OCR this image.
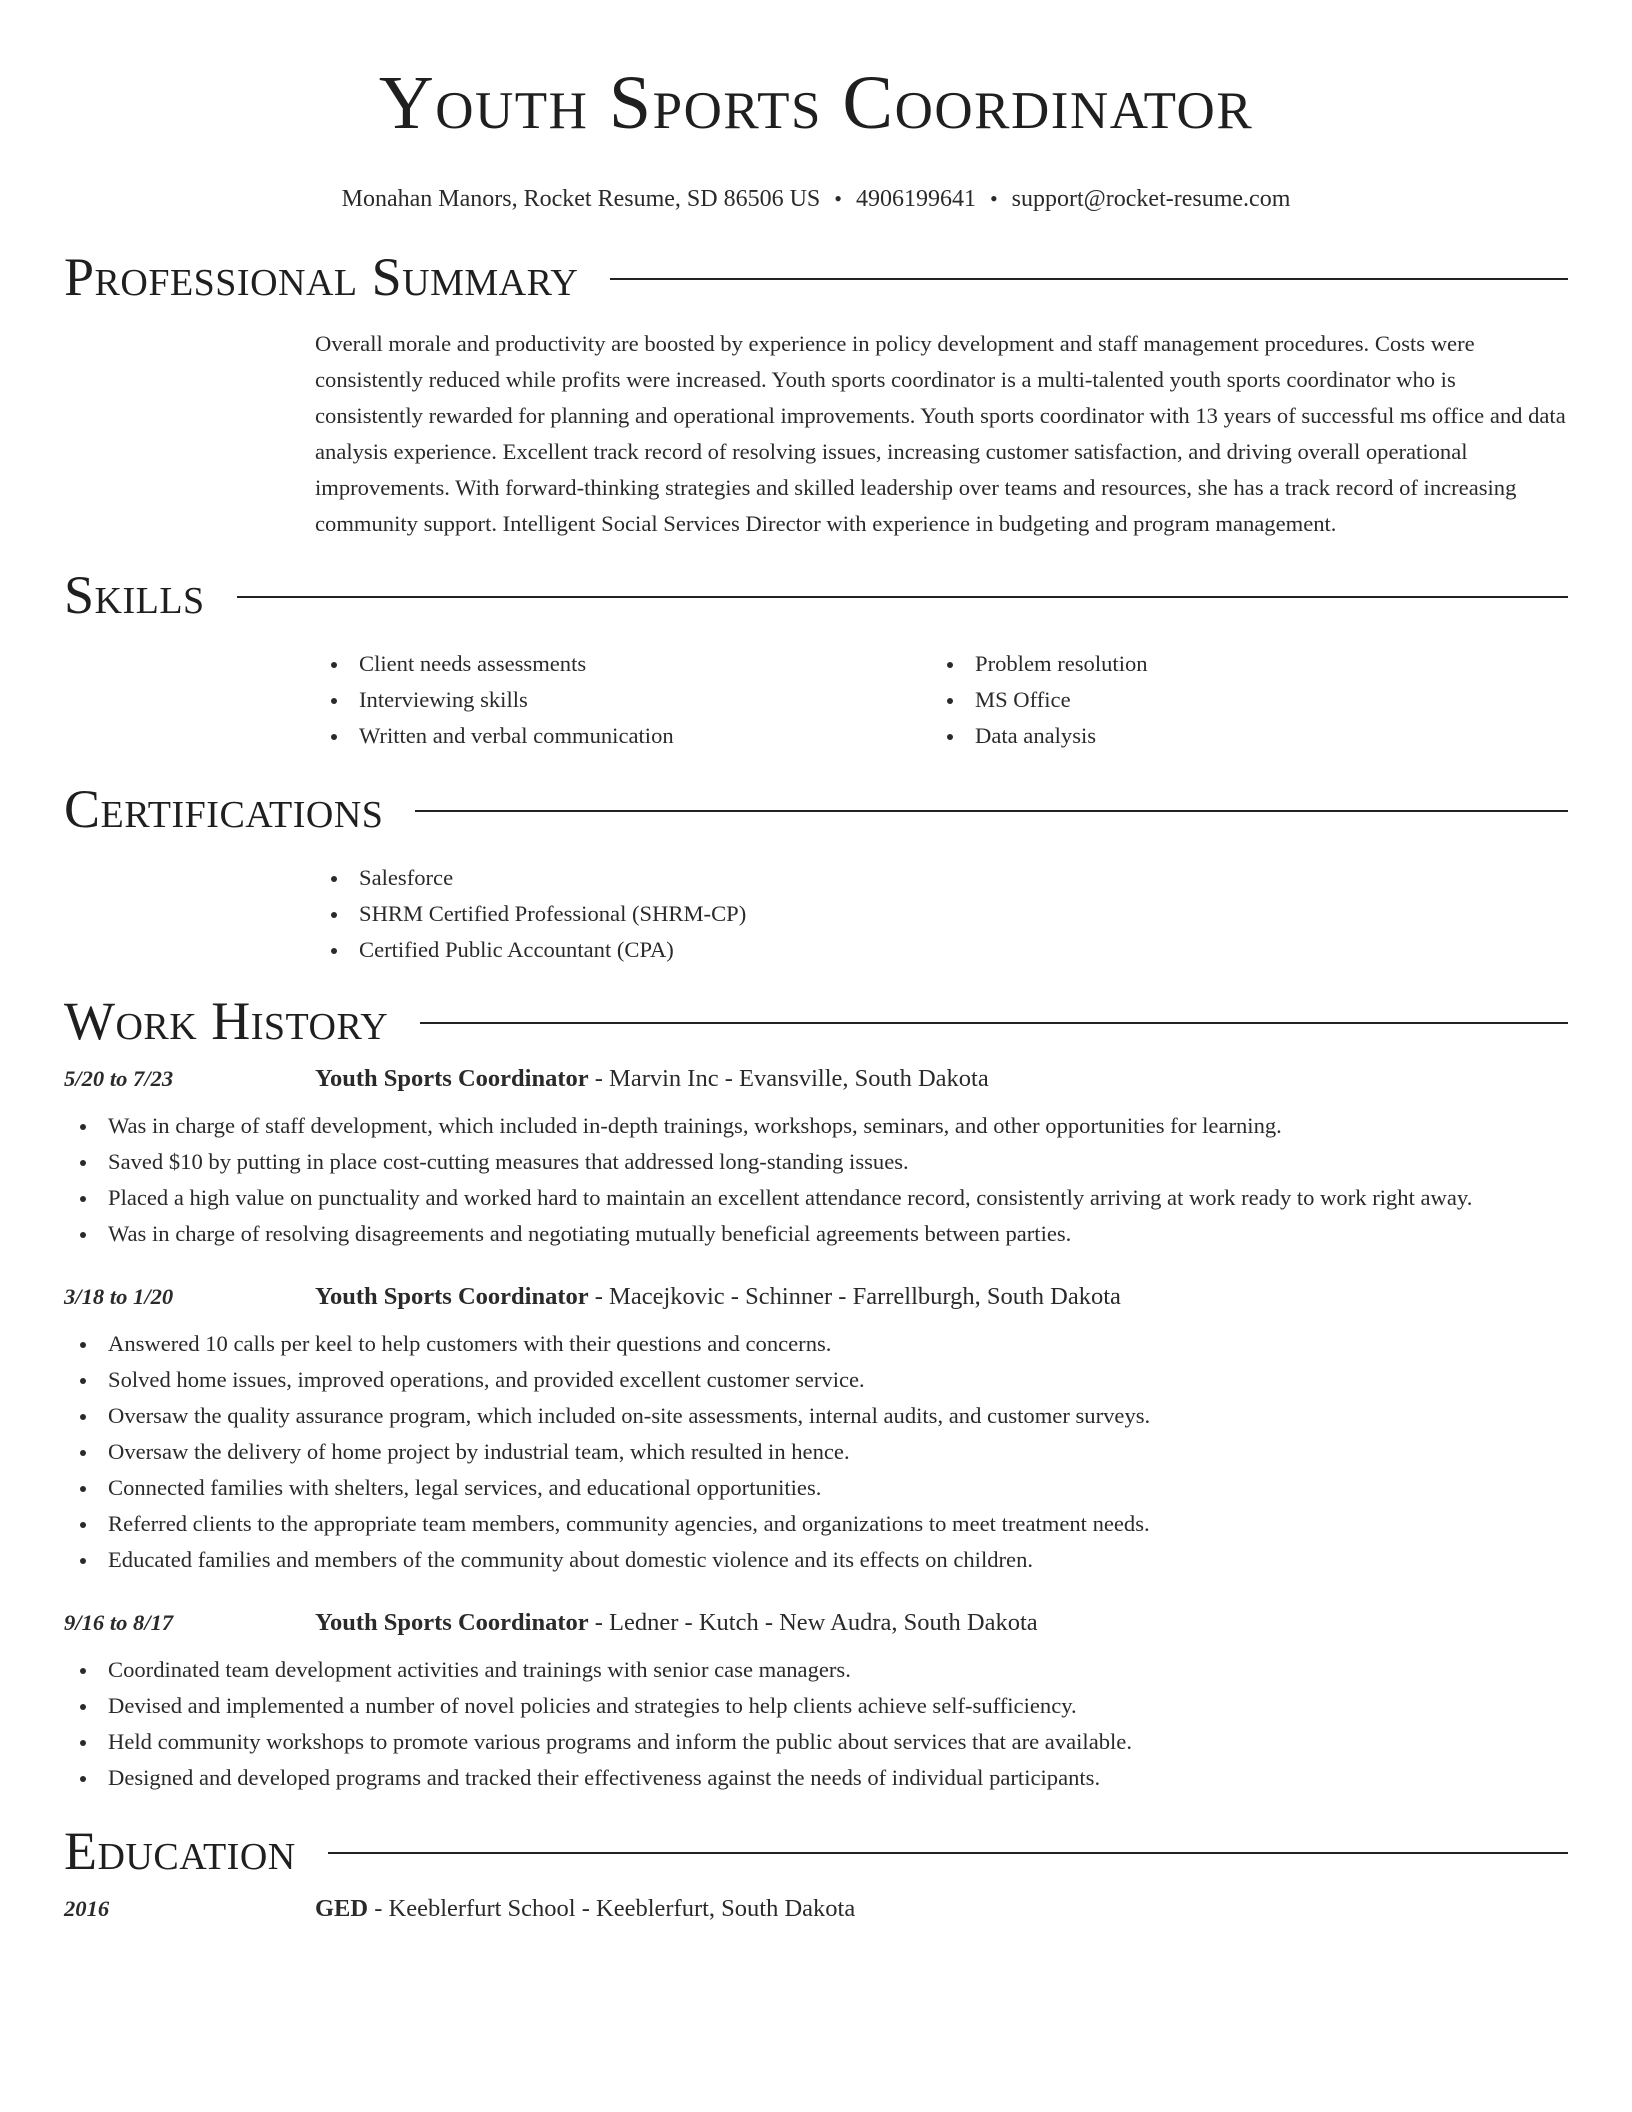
Youth Sports Coordinator
Monahan Manors, Rocket Resume, SD 86506 US • 4906199641 • support@rocket-resume.com
Professional Summary
Overall morale and productivity are boosted by experience in policy development and staff management procedures. Costs were consistently reduced while profits were increased. Youth sports coordinator is a multi-talented youth sports coordinator who is consistently rewarded for planning and operational improvements. Youth sports coordinator with 13 years of successful ms office and data analysis experience. Excellent track record of resolving issues, increasing customer satisfaction, and driving overall operational improvements. With forward-thinking strategies and skilled leadership over teams and resources, she has a track record of increasing community support. Intelligent Social Services Director with experience in budgeting and program management.
Skills
Client needs assessments
Interviewing skills
Written and verbal communication
Problem resolution
MS Office
Data analysis
Certifications
Salesforce
SHRM Certified Professional (SHRM-CP)
Certified Public Accountant (CPA)
Work History
5/20 to 7/23	Youth Sports Coordinator - Marvin Inc - Evansville, South Dakota
Was in charge of staff development, which included in-depth trainings, workshops, seminars, and other opportunities for learning.
Saved $10 by putting in place cost-cutting measures that addressed long-standing issues.
Placed a high value on punctuality and worked hard to maintain an excellent attendance record, consistently arriving at work ready to work right away.
Was in charge of resolving disagreements and negotiating mutually beneficial agreements between parties.
3/18 to 1/20	Youth Sports Coordinator - Macejkovic - Schinner - Farrellburgh, South Dakota
Answered 10 calls per keel to help customers with their questions and concerns.
Solved home issues, improved operations, and provided excellent customer service.
Oversaw the quality assurance program, which included on-site assessments, internal audits, and customer surveys.
Oversaw the delivery of home project by industrial team, which resulted in hence.
Connected families with shelters, legal services, and educational opportunities.
Referred clients to the appropriate team members, community agencies, and organizations to meet treatment needs.
Educated families and members of the community about domestic violence and its effects on children.
9/16 to 8/17	Youth Sports Coordinator - Ledner - Kutch - New Audra, South Dakota
Coordinated team development activities and trainings with senior case managers.
Devised and implemented a number of novel policies and strategies to help clients achieve self-sufficiency.
Held community workshops to promote various programs and inform the public about services that are available.
Designed and developed programs and tracked their effectiveness against the needs of individual participants.
Education
2016	GED - Keeblerfurt School - Keeblerfurt, South Dakota
